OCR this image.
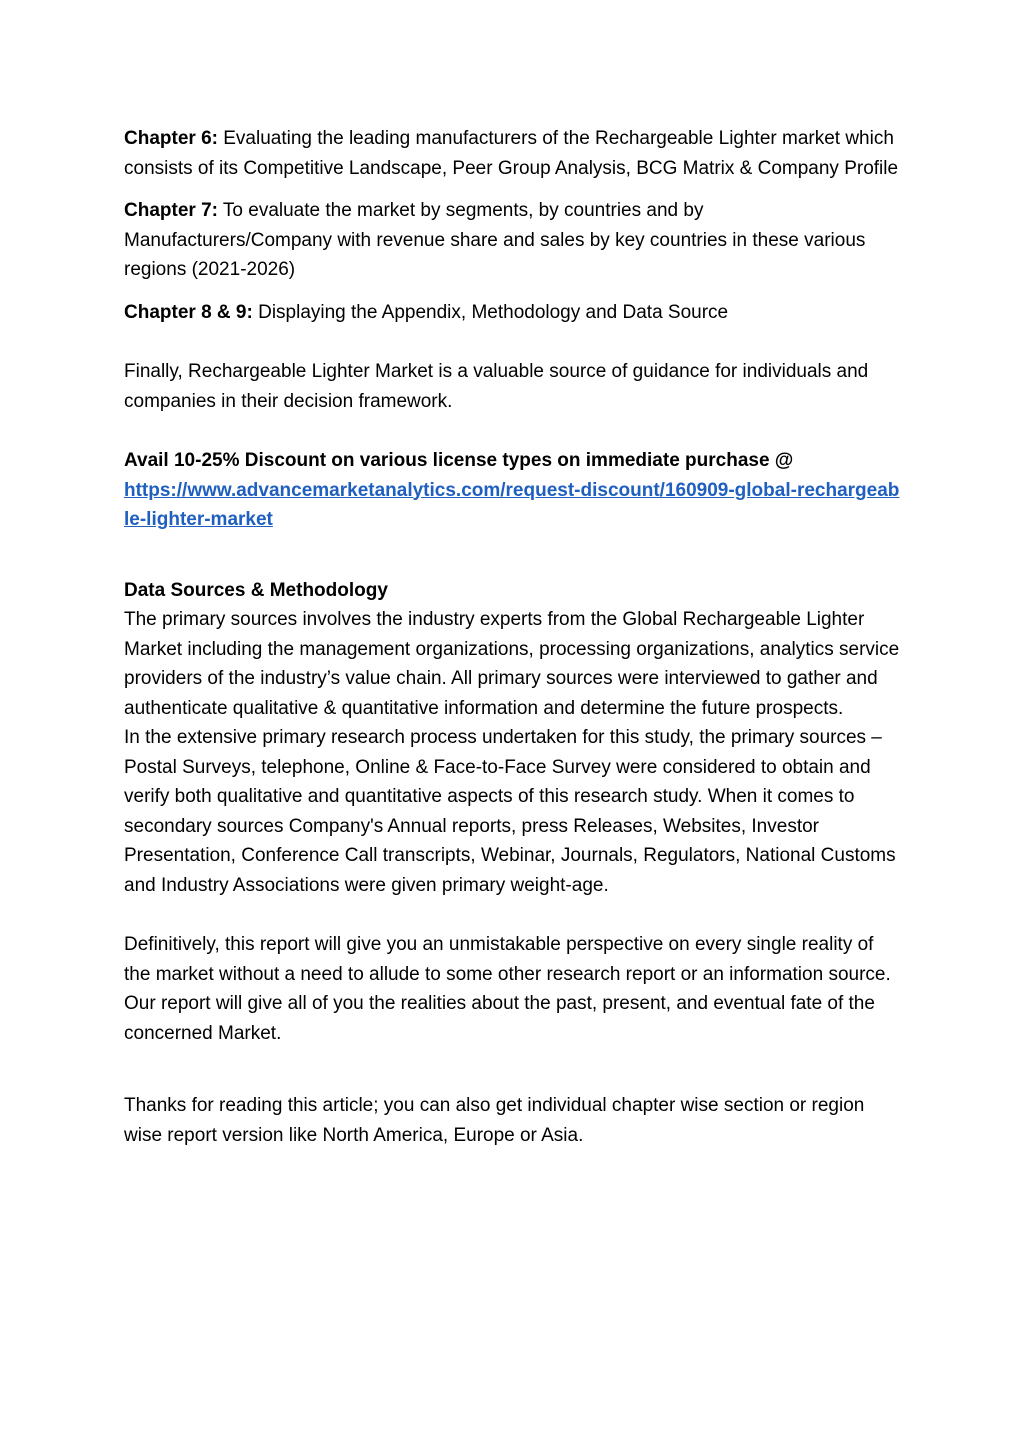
Chapter 6: Evaluating the leading manufacturers of the Rechargeable Lighter market which consists of its Competitive Landscape, Peer Group Analysis, BCG Matrix & Company Profile

Chapter 7: To evaluate the market by segments, by countries and by Manufacturers/Company with revenue share and sales by key countries in these various regions (2021-2026)

Chapter 8 & 9: Displaying the Appendix, Methodology and Data Source

Finally, Rechargeable Lighter Market is a valuable source of guidance for individuals and companies in their decision framework.

Avail 10-25% Discount on various license types on immediate purchase @
https://www.advancemarketanalytics.com/request-discount/160909-global-rechargeable-lighter-market

Data Sources & Methodology

The primary sources involves the industry experts from the Global Rechargeable Lighter Market including the management organizations, processing organizations, analytics service providers of the industry’s value chain. All primary sources were interviewed to gather and authenticate qualitative & quantitative information and determine the future prospects.

In the extensive primary research process undertaken for this study, the primary sources – Postal Surveys, telephone, Online & Face-to-Face Survey were considered to obtain and verify both qualitative and quantitative aspects of this research study. When it comes to secondary sources Company's Annual reports, press Releases, Websites, Investor Presentation, Conference Call transcripts, Webinar, Journals, Regulators, National Customs and Industry Associations were given primary weight-age.

Definitively, this report will give you an unmistakable perspective on every single reality of the market without a need to allude to some other research report or an information source. Our report will give all of you the realities about the past, present, and eventual fate of the concerned Market.

Thanks for reading this article; you can also get individual chapter wise section or region wise report version like North America, Europe or Asia.
